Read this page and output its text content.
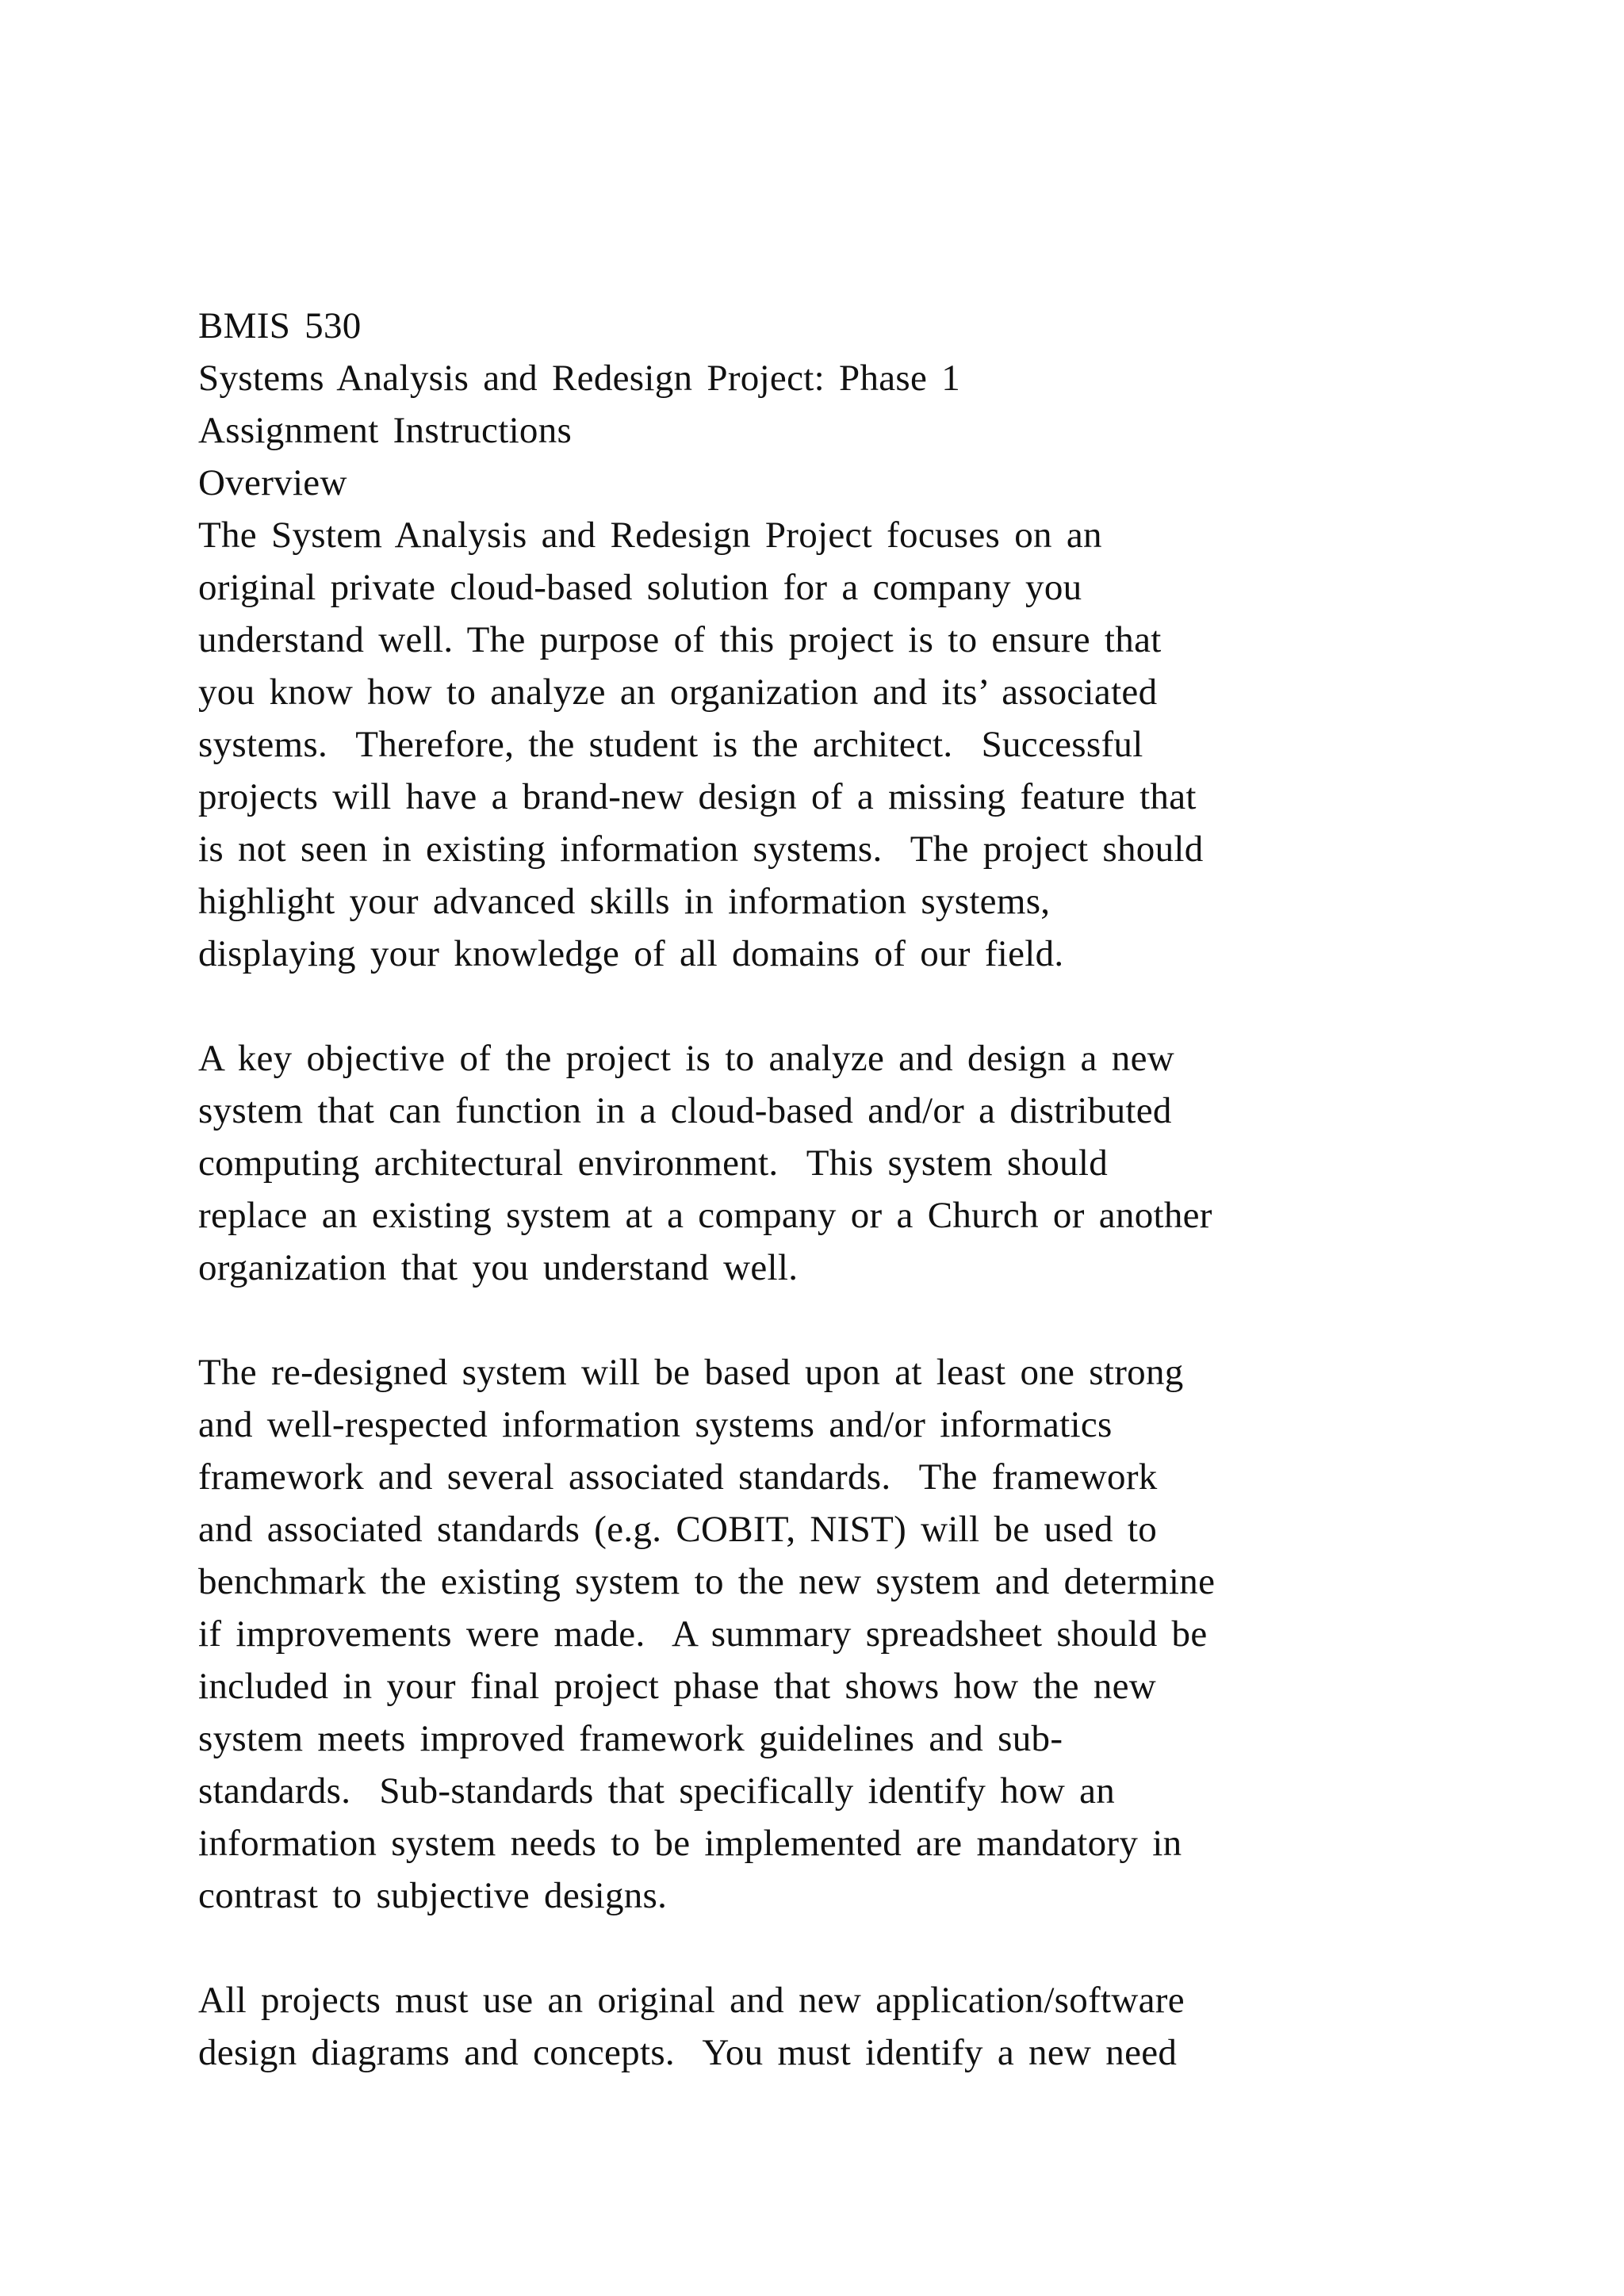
BMIS 530
Systems Analysis and Redesign Project: Phase 1
Assignment Instructions
Overview
The System Analysis and Redesign Project focuses on an
original private cloud-based solution for a company you
understand well. The purpose of this project is to ensure that
you know how to analyze an organization and its’ associated
systems.  Therefore, the student is the architect.  Successful
projects will have a brand-new design of a missing feature that
is not seen in existing information systems.  The project should
highlight your advanced skills in information systems,
displaying your knowledge of all domains of our field.
A key objective of the project is to analyze and design a new
system that can function in a cloud-based and/or a distributed
computing architectural environment.  This system should
replace an existing system at a company or a Church or another
organization that you understand well.
The re-designed system will be based upon at least one strong
and well-respected information systems and/or informatics
framework and several associated standards.  The framework
and associated standards (e.g. COBIT, NIST) will be used to
benchmark the existing system to the new system and determine
if improvements were made.  A summary spreadsheet should be
included in your final project phase that shows how the new
system meets improved framework guidelines and sub-
standards.  Sub-standards that specifically identify how an
information system needs to be implemented are mandatory in
contrast to subjective designs.
All projects must use an original and new application/software
design diagrams and concepts.  You must identify a new need
